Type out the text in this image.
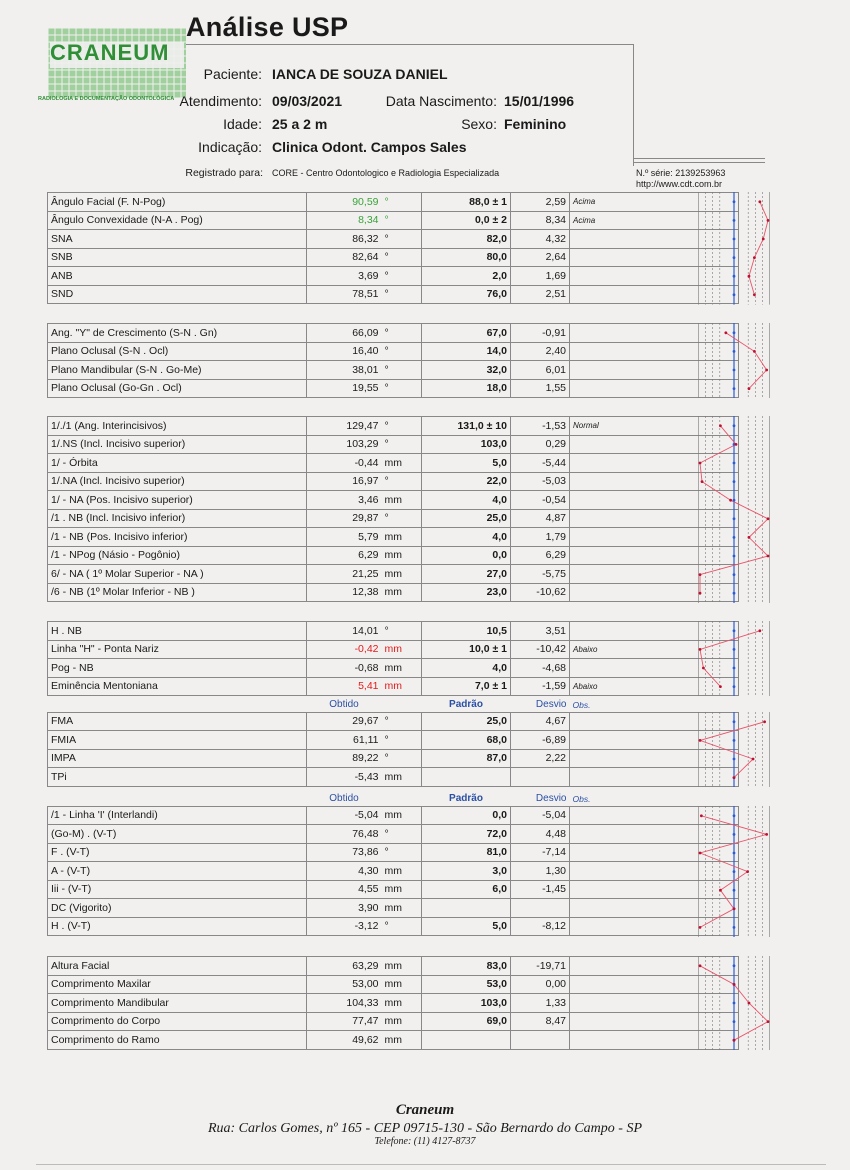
Análise USP
CRANEUM
RADIOLOGIA E DOCUMENTAÇÃO ODONTOLÓGICA
Paciente: IANCA DE SOUZA DANIEL
Atendimento: 09/03/2021	Data Nascimento: 15/01/1996
Idade: 25 a 2 m	Sexo: Feminino
Indicação: Clinica Odont. Campos Sales
Registrado para: CORE - Centro Odontologico e Radiologia Especializada	N.º série: 2139253963
http://www.cdt.com.br
Ângulo Facial (F. N-Pog)	90,59	°	88,0 ± 1	2,59	Acima
Ângulo Convexidade (N-A . Pog)	8,34	°	0,0 ± 2	8,34	Acima
SNA	86,32	°	82,0	4,32	
SNB	82,64	°	80,0	2,64	
ANB	3,69	°	2,0	1,69	
SND	78,51	°	76,0	2,51	
Ang. "Y" de Crescimento (S-N . Gn)	66,09	°	67,0	-0,91	
Plano Oclusal (S-N . Ocl)	16,40	°	14,0	2,40	
Plano Mandibular (S-N . Go-Me)	38,01	°	32,0	6,01	
Plano Oclusal (Go-Gn . Ocl)	19,55	°	18,0	1,55	
1/./1 (Ang. Interincisivos)	129,47	°	131,0 ± 10	-1,53	Normal
1/.NS (Incl. Incisivo superior)	103,29	°	103,0	0,29	
1/ - Órbita	-0,44	mm	5,0	-5,44	
1/.NA (Incl. Incisivo superior)	16,97	°	22,0	-5,03	
1/ - NA (Pos. Incisivo superior)	3,46	mm	4,0	-0,54	
/1 . NB (Incl. Incisivo inferior)	29,87	°	25,0	4,87	
/1 - NB (Pos. Incisivo inferior)	5,79	mm	4,0	1,79	
/1 - NPog (Násio - Pogônio)	6,29	mm	0,0	6,29	
6/ - NA ( 1º Molar Superior - NA )	21,25	mm	27,0	-5,75	
/6 - NB (1º Molar Inferior - NB )	12,38	mm	23,0	-10,62	
H . NB	14,01	°	10,5	3,51	
Linha "H" - Ponta Nariz	-0,42	mm	10,0 ± 1	-10,42	Abaixo
Pog - NB	-0,68	mm	4,0	-4,68	
Eminência Mentoniana	5,41	mm	7,0 ± 1	-1,59	Abaixo
	Obtido		Padrão	Desvio	Obs.
FMA	29,67	°	25,0	4,67	
FMIA	61,11	°	68,0	-6,89	
IMPA	89,22	°	87,0	2,22	
TPi	-5,43	mm			
	Obtido		Padrão	Desvio	Obs.
/1 - Linha 'I' (Interlandi)	-5,04	mm	0,0	-5,04	
(Go-M) . (V-T)	76,48	°	72,0	4,48	
F . (V-T)	73,86	°	81,0	-7,14	
A - (V-T)	4,30	mm	3,0	1,30	
Iii - (V-T)	4,55	mm	6,0	-1,45	
DC (Vigorito)	3,90	mm			
H . (V-T)	-3,12	°	5,0	-8,12	
Altura Facial	63,29	mm	83,0	-19,71	
Comprimento Maxilar	53,00	mm	53,0	0,00	
Comprimento Mandibular	104,33	mm	103,0	1,33	
Comprimento do Corpo	77,47	mm	69,0	8,47	
Comprimento do Ramo	49,62	mm			
Craneum
Rua: Carlos Gomes, nº 165 - CEP 09715-130 - São Bernardo do Campo - SP
Telefone: (11) 4127-8737
